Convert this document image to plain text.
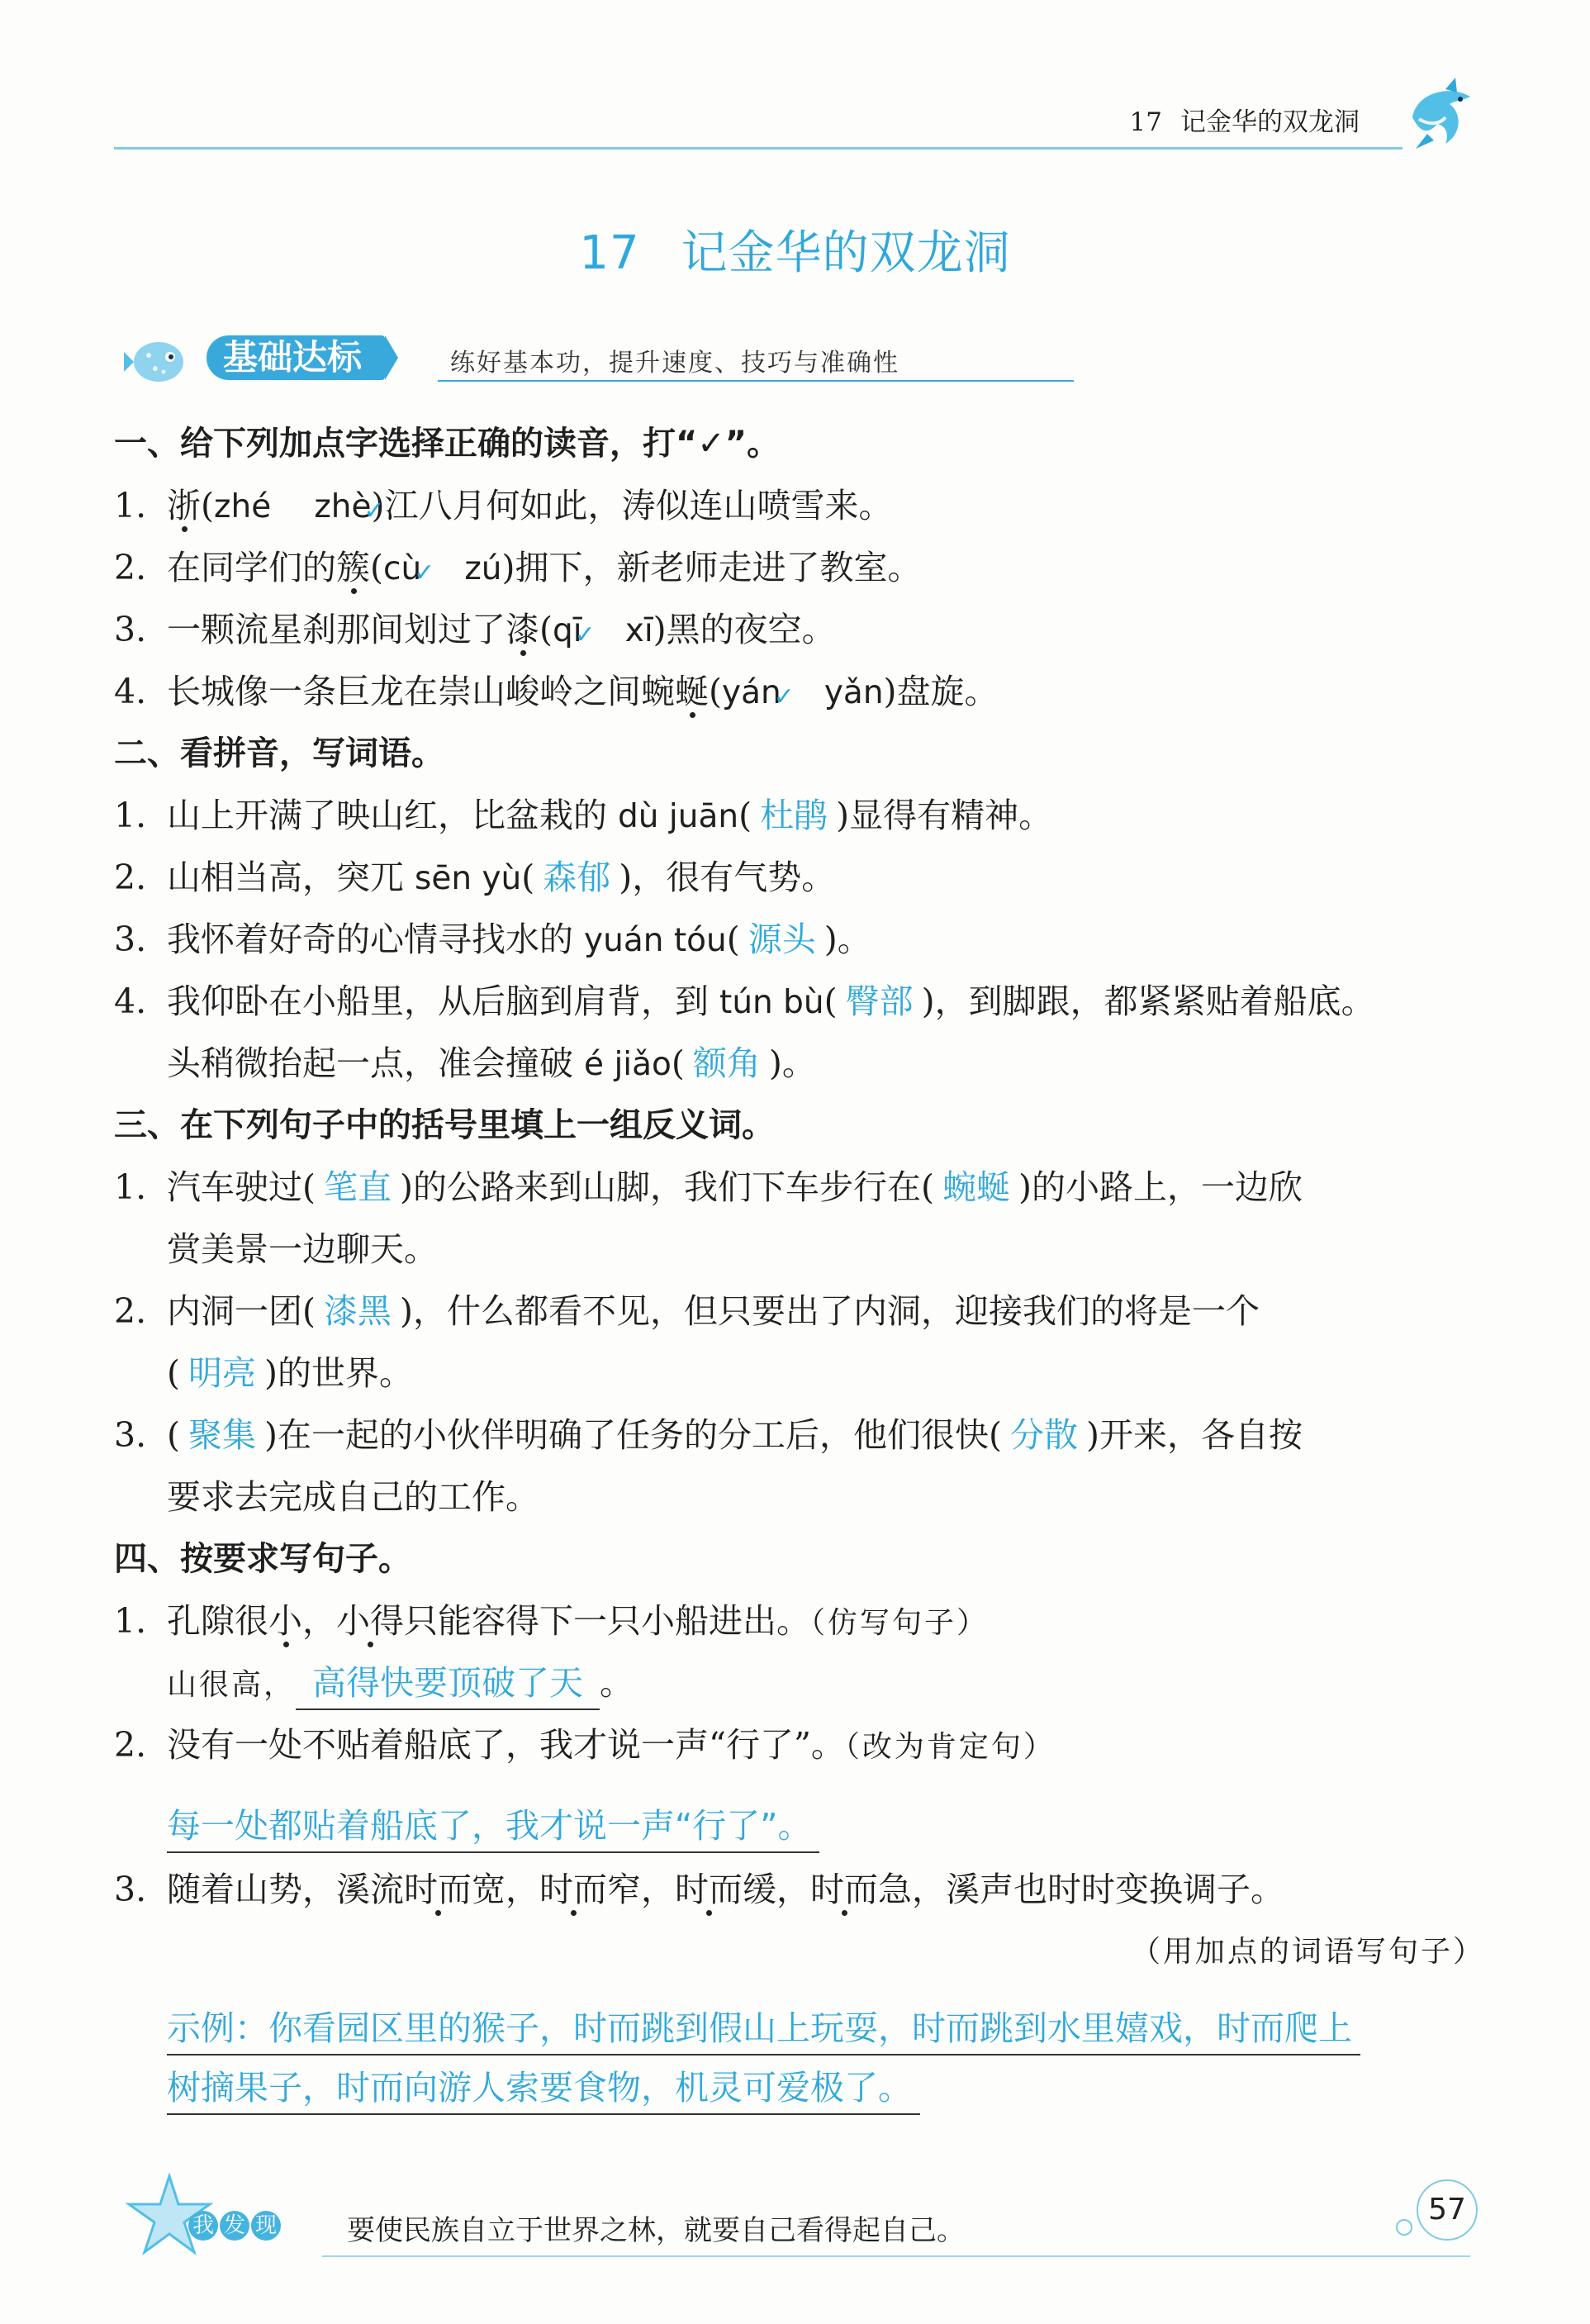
17 记金华的双龙洞
17 记金华的双龙洞
基础达标	练好基本功，提升速度、技巧与准确性
一、给下列加点字选择正确的读音，打“✓”。
1. 浙(zhé zhè ✓)江八月何如此，涛似连山喷雪来。
2. 在同学们的簇(cù ✓ zú)拥下，新老师走进了教室。
3. 一颗流星刹那间划过了漆(qī ✓ xī)黑的夜空。
4. 长城像一条巨龙在崇山峻岭之间蜿蜒(yán ✓ yǎn)盘旋。
二、看拼音，写词语。
1. 山上开满了映山红，比盆栽的 dù juān( 杜鹃 )显得有精神。
2. 山相当高，突兀 sēn yù( 森郁 )，很有气势。
3. 我怀着好奇的心情寻找水的 yuán tóu( 源头 )。
4. 我仰卧在小船里，从后脑到肩背，到 tún bù( 臀部 )，到脚跟，都紧紧贴着船底。
头稍微抬起一点，准会撞破 é jiǎo( 额角 )。
三、在下列句子中的括号里填上一组反义词。
1. 汽车驶过( 笔直 )的公路来到山脚，我们下车步行在( 蜿蜒 )的小路上，一边欣
赏美景一边聊天。
2. 内洞一团( 漆黑 )，什么都看不见，但只要出了内洞，迎接我们的将是一个
( 明亮 )的世界。
3. ( 聚集 )在一起的小伙伴明确了任务的分工后，他们很快( 分散 )开来，各自按
要求去完成自己的工作。
四、按要求写句子。
1. 孔隙很小，小得只能容得下一只小船进出。（仿写句子）
山很高， 高得快要顶破了天 。
2. 没有一处不贴着船底了，我才说一声“行了”。（改为肯定句）
每一处都贴着船底了，我才说一声“行了”。
3. 随着山势，溪流时而宽，时而窄，时而缓，时而急，溪声也时时变换调子。
（用加点的词语写句子）
示例：你看园区里的猴子，时而跳到假山上玩耍，时而跳到水里嬉戏，时而爬上
树摘果子，时而向游人索要食物，机灵可爱极了。
我 发 现	要使民族自立于世界之林，就要自己看得起自己。
57
